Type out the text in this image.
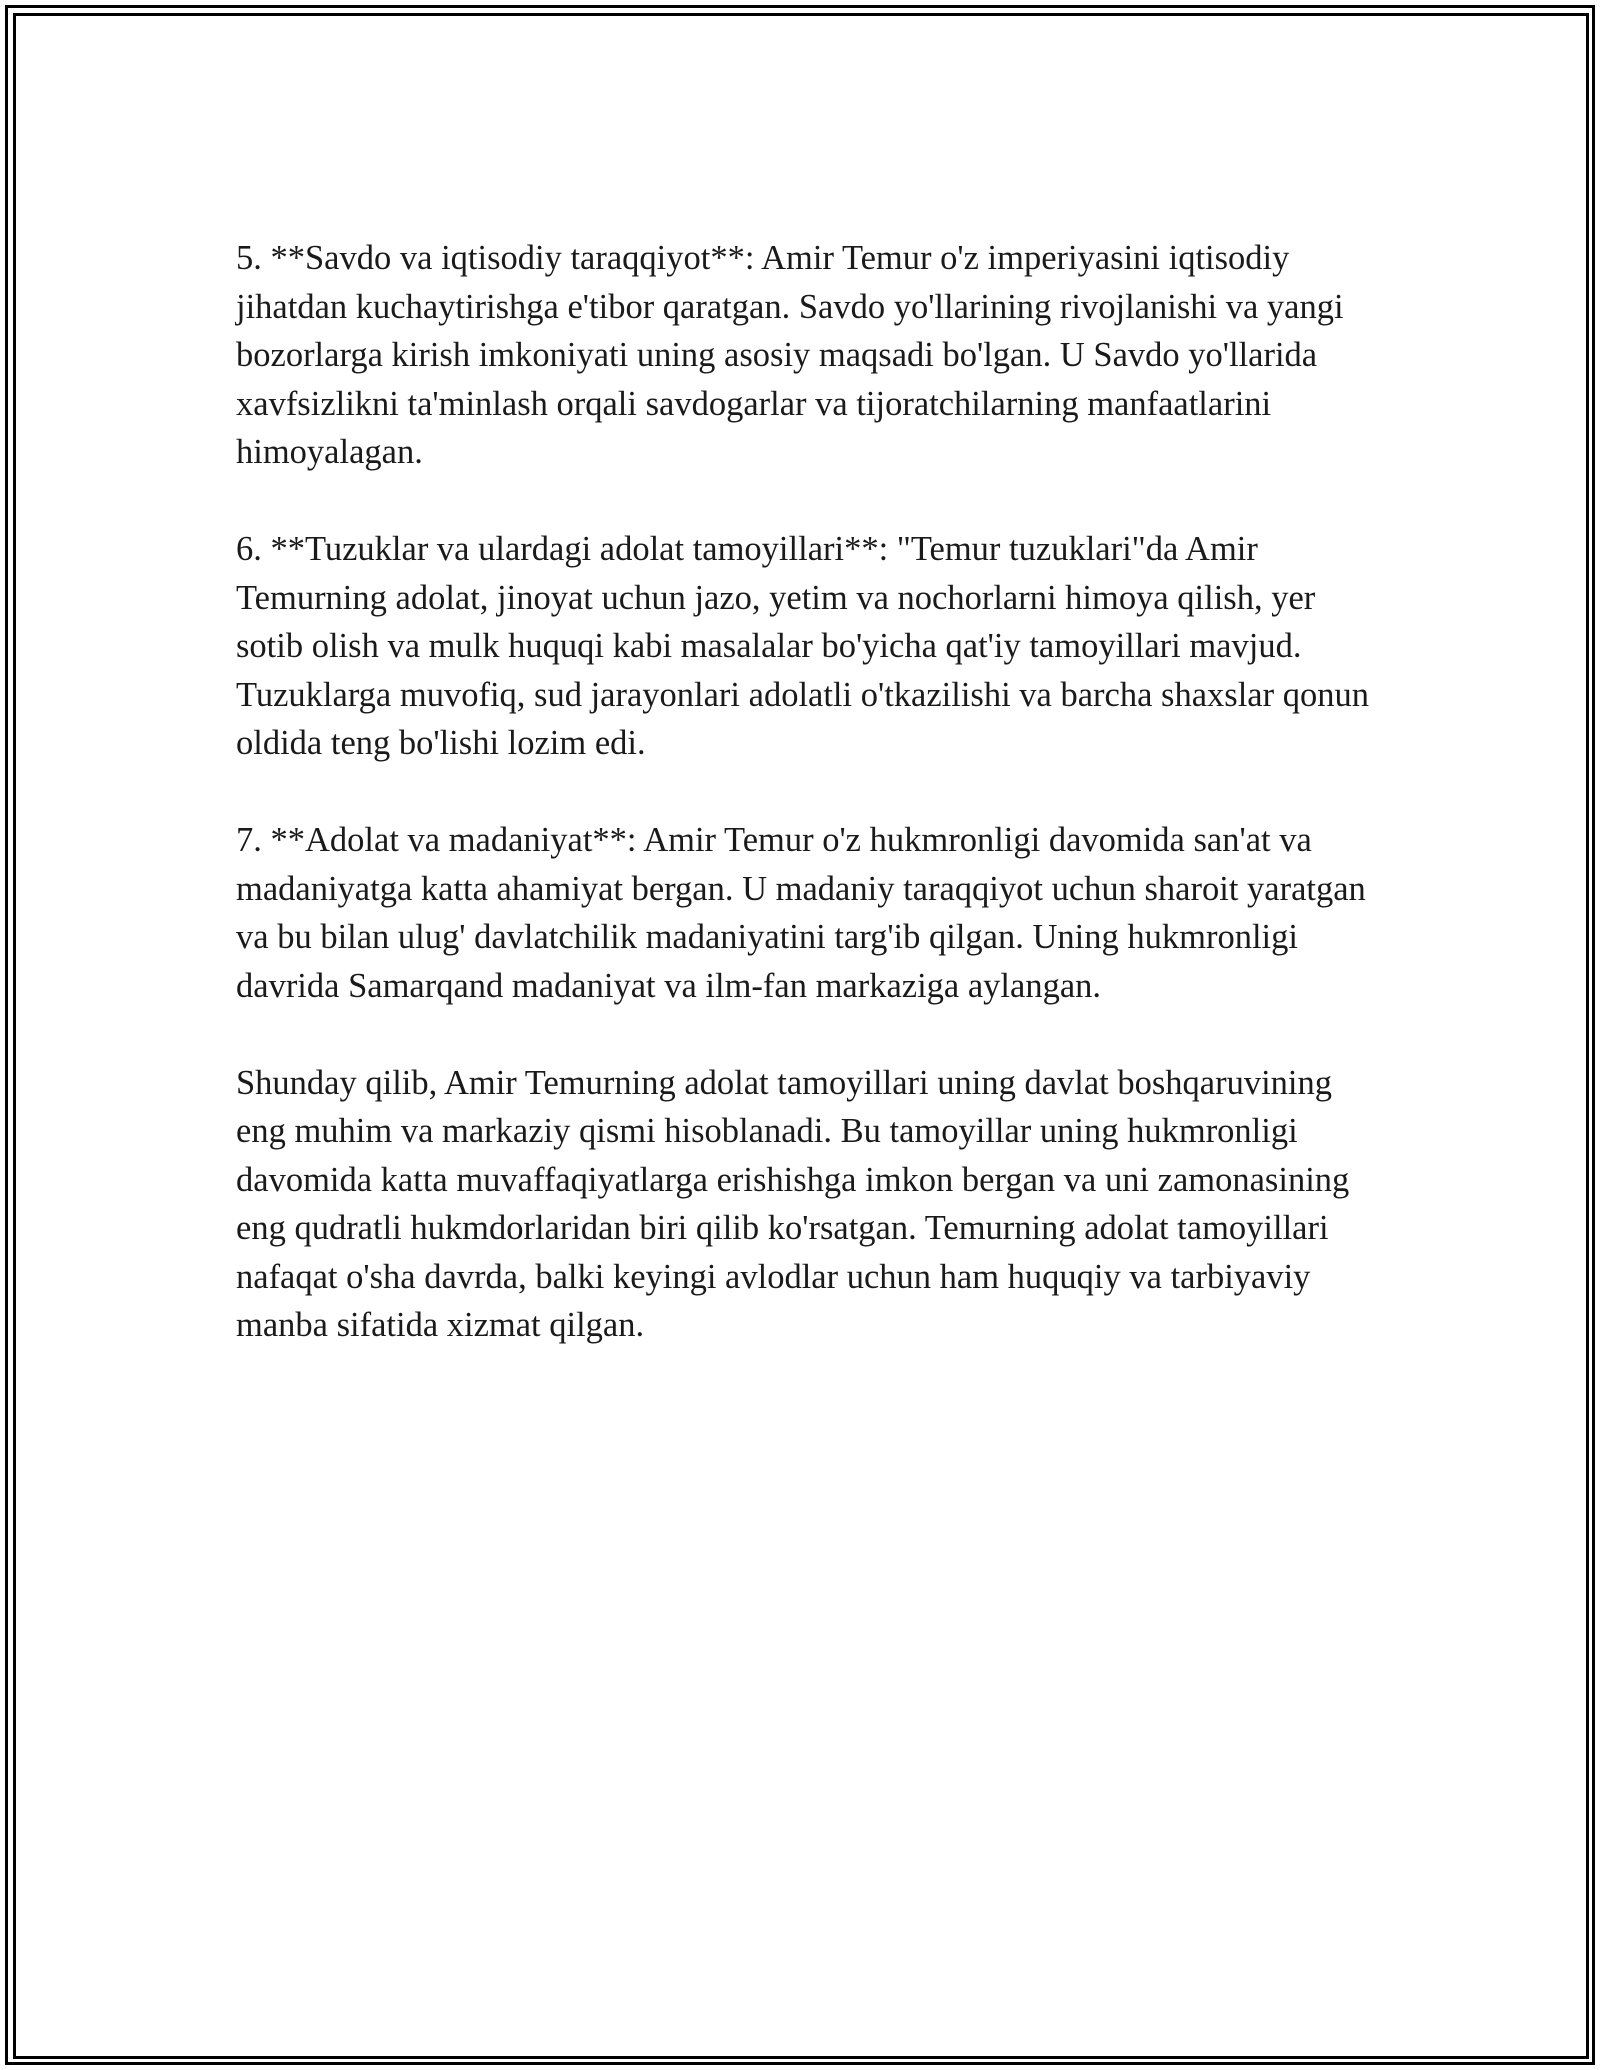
5. **Savdo va iqtisodiy taraqqiyot**: Amir Temur o'z imperiyasini iqtisodiy jihatdan kuchaytirishga e'tibor qaratgan. Savdo yo'llarining rivojlanishi va yangi bozorlarga kirish imkoniyati uning asosiy maqsadi bo'lgan. U Savdo yo'llarida xavfsizlikni ta'minlash orqali savdogarlar va tijoratchilarning manfaatlarini himoyalagan.

6. **Tuzuklar va ulardagi adolat tamoyillari**: "Temur tuzuklari"da Amir Temurning adolat, jinoyat uchun jazo, yetim va nochorlarni himoya qilish, yer sotib olish va mulk huquqi kabi masalalar bo'yicha qat'iy tamoyillari mavjud. Tuzuklarga muvofiq, sud jarayonlari adolatli o'tkazilishi va barcha shaxslar qonun oldida teng bo'lishi lozim edi.

7. **Adolat va madaniyat**: Amir Temur o'z hukmronligi davomida san'at va madaniyatga katta ahamiyat bergan. U madaniy taraqqiyot uchun sharoit yaratgan va bu bilan ulug' davlatchilik madaniyatini targ'ib qilgan. Uning hukmronligi davrida Samarqand madaniyat va ilm-fan markaziga aylangan.

Shunday qilib, Amir Temurning adolat tamoyillari uning davlat boshqaruvining eng muhim va markaziy qismi hisoblanadi. Bu tamoyillar uning hukmronligi davomida katta muvaffaqiyatlarga erishishga imkon bergan va uni zamonasining eng qudratli hukmdorlaridan biri qilib ko'rsatgan. Temurning adolat tamoyillari nafaqat o'sha davrda, balki keyingi avlodlar uchun ham huquqiy va tarbiyaviy manba sifatida xizmat qilgan.
